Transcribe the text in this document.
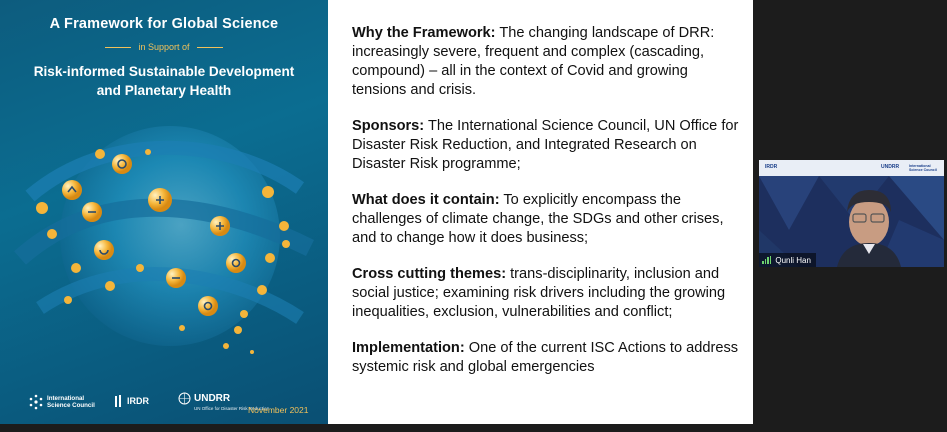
A Framework for Global Science
in Support of
Risk-informed Sustainable Development
and Planetary Health
International Science Council	IRDR	UNDRR
UN Office for Disaster Risk Reduction
November 2021

Why the Framework: The changing landscape of DRR: increasingly severe, frequent and complex (cascading, compound) – all in the context of Covid and growing tensions and crisis.

Sponsors: The International Science Council, UN Office for Disaster Risk Reduction, and Integrated Research on Disaster Risk programme;

What does it contain: To explicitly encompass the challenges of climate change, the SDGs and other crises, and to change how it does business;

Cross cutting themes: trans-disciplinarity, inclusion and social justice; examining risk drivers including the growing inequalities, exclusion, vulnerabilities and conflict;

Implementation: One of the current ISC Actions to address systemic risk and global emergencies

IRDR	UNDRR	International Science Council
Qunli Han
